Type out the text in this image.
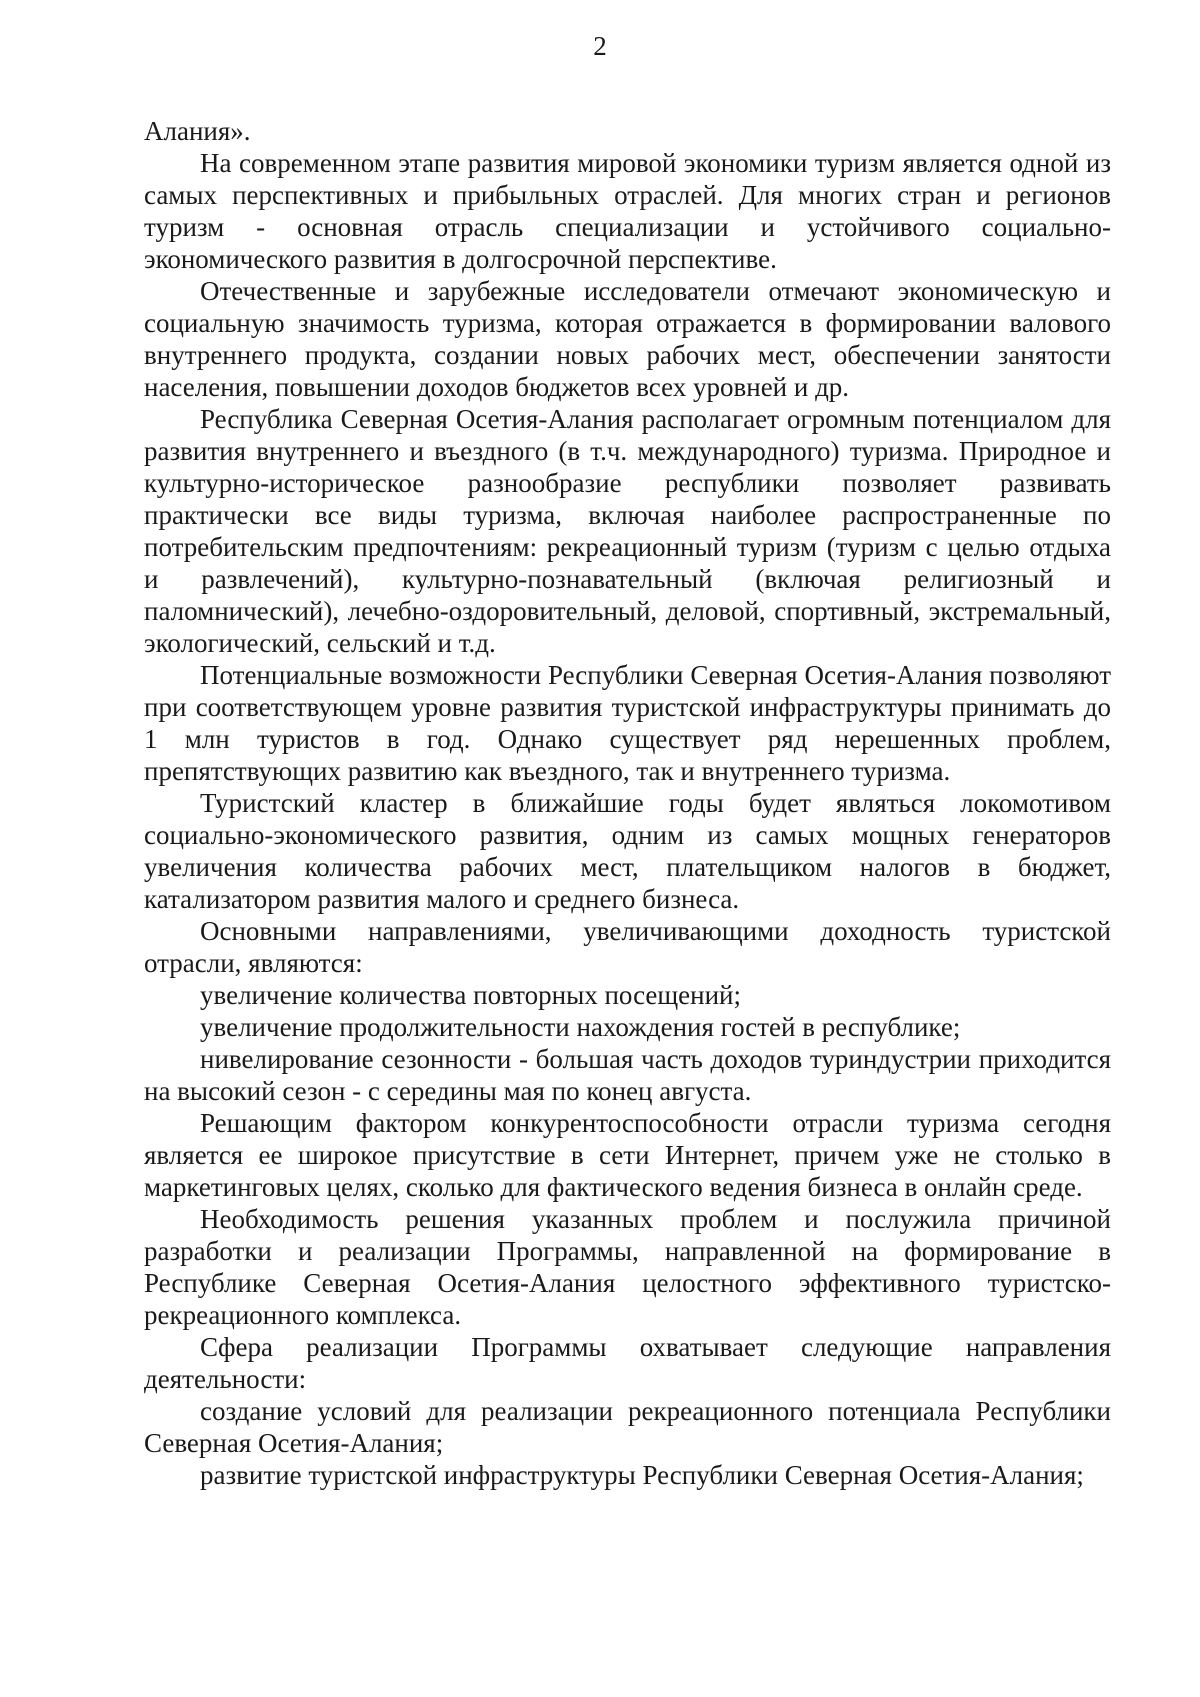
2

Алания».

На современном этапе развития мировой экономики туризм является одной из самых перспективных и прибыльных отраслей. Для многих стран и регионов туризм - основная отрасль специализации и устойчивого социально-экономического развития в долгосрочной перспективе.

Отечественные и зарубежные исследователи отмечают экономическую и социальную значимость туризма, которая отражается в формировании валового внутреннего продукта, создании новых рабочих мест, обеспечении занятости населения, повышении доходов бюджетов всех уровней и др.

Республика Северная Осетия-Алания располагает огромным потенциалом для развития внутреннего и въездного (в т.ч. международного) туризма. Природное и культурно-историческое разнообразие республики позволяет развивать практически все виды туризма, включая наиболее распространенные по потребительским предпочтениям: рекреационный туризм (туризм с целью отдыха и развлечений), культурно-познавательный (включая религиозный и паломнический), лечебно-оздоровительный, деловой, спортивный, экстремальный, экологический, сельский и т.д.

Потенциальные возможности Республики Северная Осетия-Алания позволяют при соответствующем уровне развития туристской инфраструктуры принимать до 1 млн туристов в год. Однако существует ряд нерешенных проблем, препятствующих развитию как въездного, так и внутреннего туризма.

Туристский кластер в ближайшие годы будет являться локомотивом социально-экономического развития, одним из самых мощных генераторов увеличения количества рабочих мест, плательщиком налогов в бюджет, катализатором развития малого и среднего бизнеса.

Основными направлениями, увеличивающими доходность туристской отрасли, являются:

увеличение количества повторных посещений;

увеличение продолжительности нахождения гостей в республике;

нивелирование сезонности - большая часть доходов туриндустрии приходится на высокий сезон - с середины мая по конец августа.

Решающим фактором конкурентоспособности отрасли туризма сегодня является ее широкое присутствие в сети Интернет, причем уже не столько в маркетинговых целях, сколько для фактического ведения бизнеса в онлайн среде.

Необходимость решения указанных проблем и послужила причиной разработки и реализации Программы, направленной на формирование в Республике Северная Осетия-Алания целостного эффективного туристско-рекреационного комплекса.

Сфера реализации Программы охватывает следующие направления деятельности:

создание условий для реализации рекреационного потенциала Республики Северная Осетия-Алания;

развитие туристской инфраструктуры Республики Северная Осетия-Алания;
